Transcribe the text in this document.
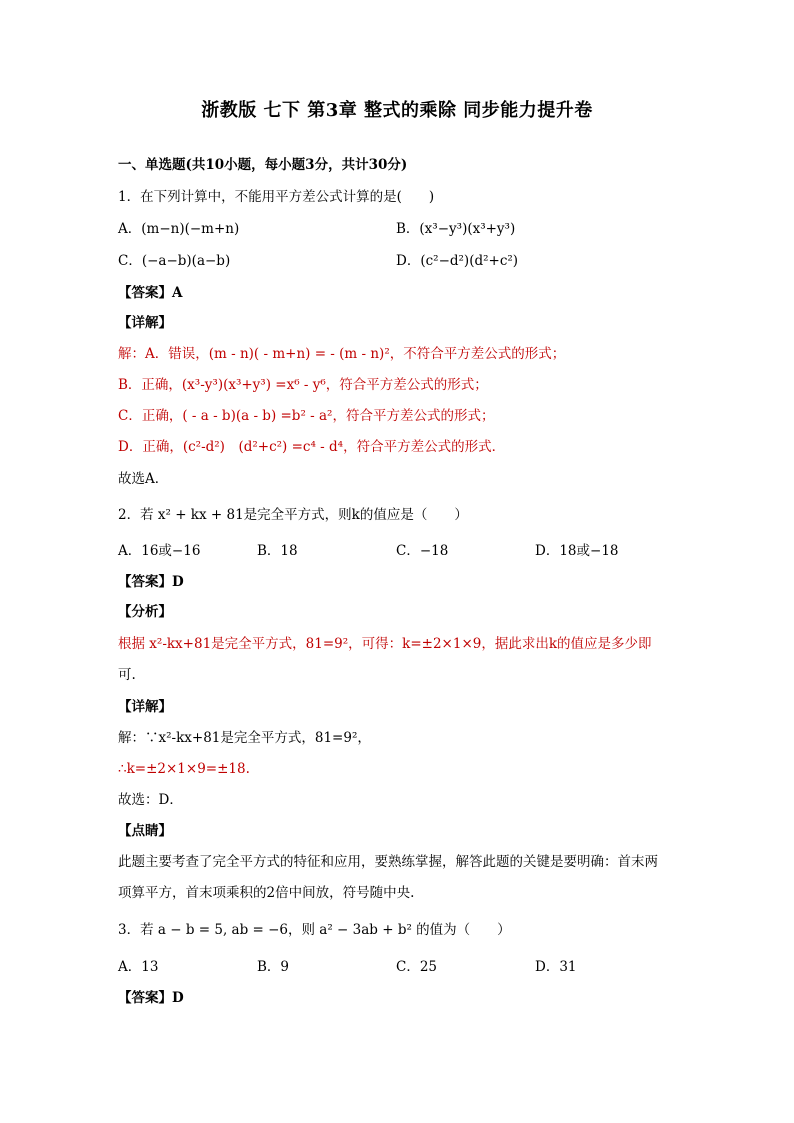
浙教版 七下 第3章 整式的乘除 同步能力提升卷
一、单选题(共10小题，每小题3分，共计30分)
1．在下列计算中，不能用平方差公式计算的是(　　)
A．(m−n)(−m+n)	B．(x³−y³)(x³+y³)
C．(−a−b)(a−b)	D．(c²−d²)(d²+c²)
【答案】A
【详解】
解：A．错误，(m - n)( - m+n) = - (m - n)²，不符合平方差公式的形式；
B．正确，(x³-y³)(x³+y³) =x⁶ - y⁶，符合平方差公式的形式；
C．正确，( - a - b)(a - b) =b² - a²，符合平方差公式的形式；
D．正确，(c²-d²)　(d²+c²) =c⁴ - d⁴，符合平方差公式的形式．
故选A．
2．若 x² + kx + 81是完全平方式，则k的值应是（　　）
A．16或−16	B．18	C．−18	D．18或−18
【答案】D
【分析】
根据 x²-kx+81是完全平方式，81=9²，可得：k=±2×1×9，据此求出k的值应是多少即
可.
【详解】
解：∵x²-kx+81是完全平方式，81=9²，
∴k=±2×1×9=±18.
故选：D．
【点睛】
此题主要考查了完全平方式的特征和应用，要熟练掌握，解答此题的关键是要明确：首末两
项算平方，首末项乘积的2倍中间放，符号随中央.
3．若 a − b = 5, ab = −6，则 a² − 3ab + b² 的值为（　　）
A．13	B．9	C．25	D．31
【答案】D
